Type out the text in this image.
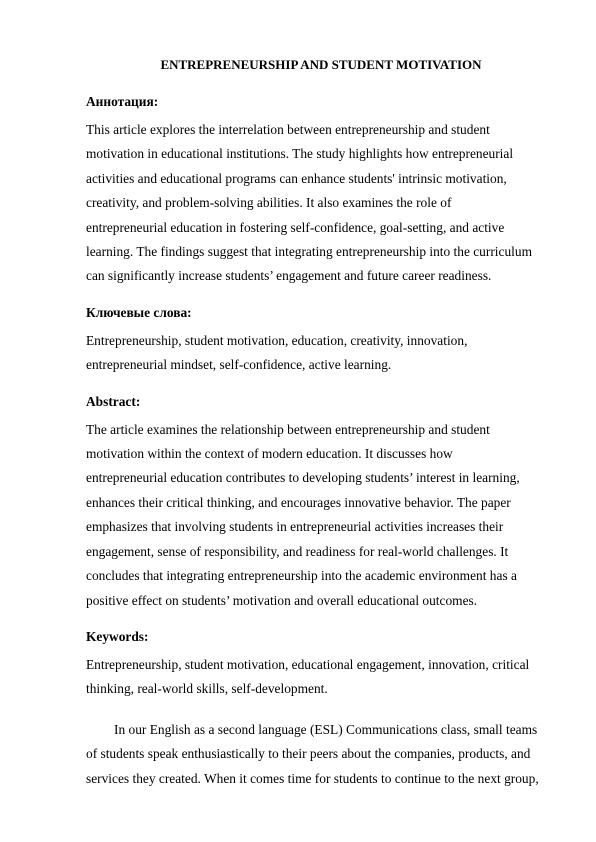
ENTREPRENEURSHIP AND STUDENT MOTIVATION
Аннотация:
This article explores the interrelation between entrepreneurship and student
motivation in educational institutions. The study highlights how entrepreneurial
activities and educational programs can enhance students' intrinsic motivation,
creativity, and problem-solving abilities. It also examines the role of
entrepreneurial education in fostering self-confidence, goal-setting, and active
learning. The findings suggest that integrating entrepreneurship into the curriculum
can significantly increase students’ engagement and future career readiness.
Ключевые слова:
Entrepreneurship, student motivation, education, creativity, innovation,
entrepreneurial mindset, self-confidence, active learning.
Abstract:
The article examines the relationship between entrepreneurship and student
motivation within the context of modern education. It discusses how
entrepreneurial education contributes to developing students’ interest in learning,
enhances their critical thinking, and encourages innovative behavior. The paper
emphasizes that involving students in entrepreneurial activities increases their
engagement, sense of responsibility, and readiness for real-world challenges. It
concludes that integrating entrepreneurship into the academic environment has a
positive effect on students’ motivation and overall educational outcomes.
Keywords:
Entrepreneurship, student motivation, educational engagement, innovation, critical
thinking, real-world skills, self-development.
In our English as a second language (ESL) Communications class, small teams
of students speak enthusiastically to their peers about the companies, products, and
services they created. When it comes time for students to continue to the next group,
